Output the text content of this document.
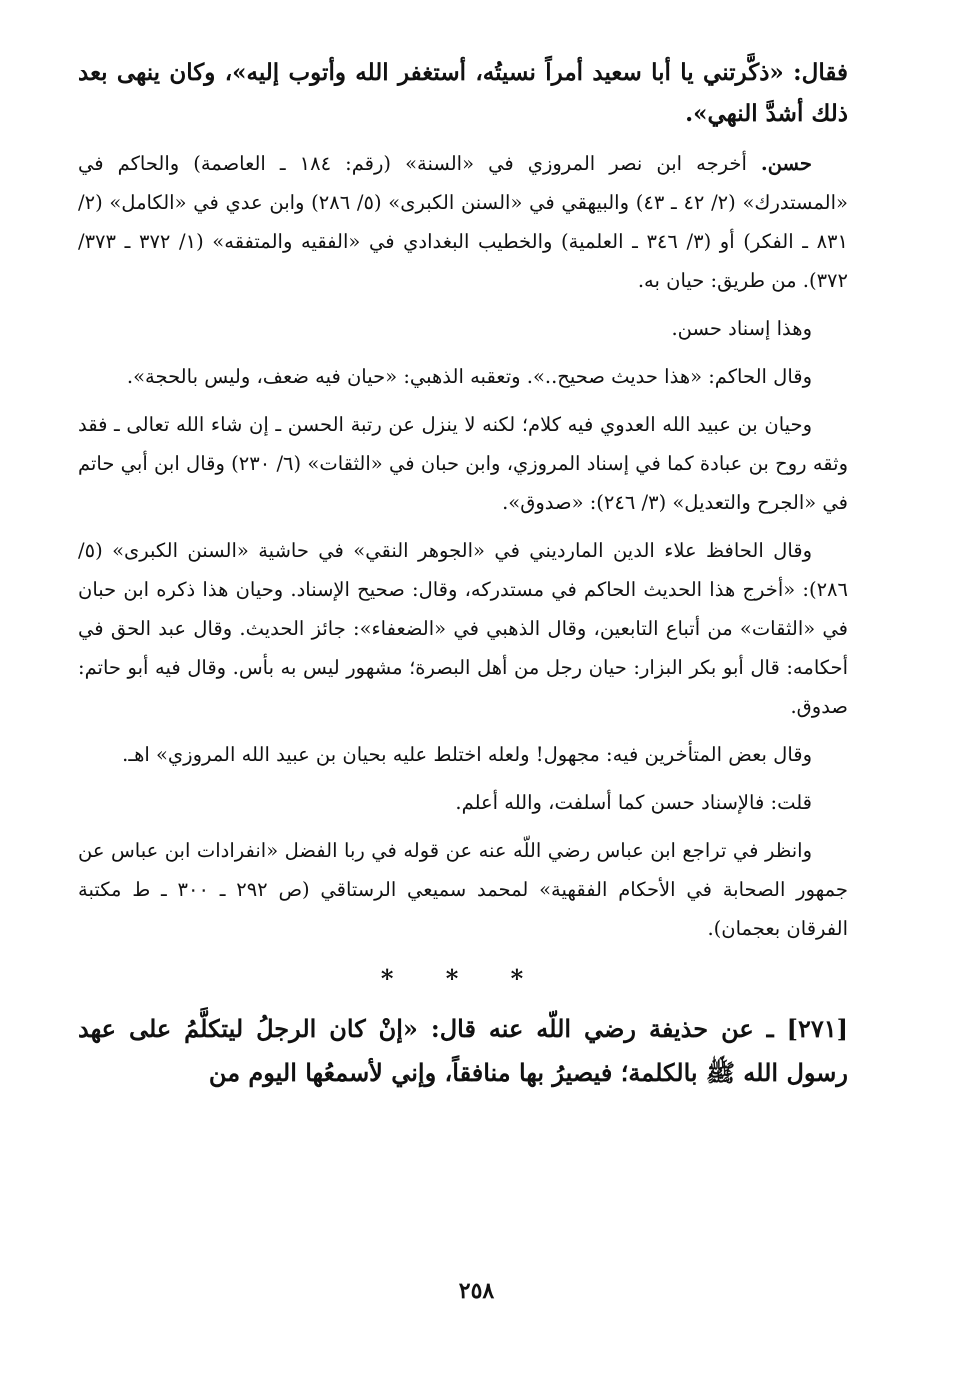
فقال: «ذكَّرتني يا أبا سعيد أمراً نسيتُه، أستغفر الله وأتوب إليه»، وكان ينهى بعد ذلك أشدَّ النهي».

حسن. أخرجه ابن نصر المروزي في «السنة» (رقم: ١٨٤ ـ العاصمة) والحاكم في «المستدرك» (٢/ ٤٢ ـ ٤٣) والبيهقي في «السنن الكبرى» (٥/ ٢٨٦) وابن عدي في «الكامل» (٢/ ٨٣١ ـ الفكر) أو (٣/ ٣٤٦ ـ العلمية) والخطيب البغدادي في «الفقيه والمتفقه» (١/ ٣٧٢ ـ ٣٧٣/ ٣٧٢). من طريق: حيان به.

وهذا إسناد حسن.

وقال الحاكم: «هذا حديث صحيح..». وتعقبه الذهبي: «حيان فيه ضعف، وليس بالحجة».

وحيان بن عبيد الله العدوي فيه كلام؛ لكنه لا ينزل عن رتبة الحسن ـ إن شاء الله تعالى ـ فقد وثقه روح بن عبادة كما في إسناد المروزي، وابن حبان في «الثقات» (٦/ ٢٣٠) وقال ابن أبي حاتم في «الجرح والتعديل» (٣/ ٢٤٦): «صدوق».

وقال الحافظ علاء الدين المارديني في «الجوهر النقي» في حاشية «السنن الكبرى» (٥/ ٢٨٦): «أخرج هذا الحديث الحاكم في مستدركه، وقال: صحيح الإسناد. وحيان هذا ذكره ابن حبان في «الثقات» من أتباع التابعين، وقال الذهبي في «الضعفاء»: جائز الحديث. وقال عبد الحق في أحكامه: قال أبو بكر البزار: حيان رجل من أهل البصرة؛ مشهور ليس به بأس. وقال فيه أبو حاتم: صدوق.

وقال بعض المتأخرين فيه: مجهول! ولعله اختلط عليه بحيان بن عبيد الله المروزي» اهـ.

قلت: فالإسناد حسن كما أسلفت، والله أعلم.

وانظر في تراجع ابن عباس رضي اللّه عنه عن قوله في ربا الفضل «انفرادات ابن عباس عن جمهور الصحابة في الأحكام الفقهية» لمحمد سميعي الرستاقي (ص ٢٩٢ ـ ٣٠٠ ـ ط مكتبة الفرقان بعجمان).

* * *

[٢٧١] ـ عن حذيفة رضي اللّه عنه قال: «إنْ كان الرجلُ ليتكلَّمُ على عهد رسول الله ﷺ بالكلمة؛ فيصيرُ بها منافقاً، وإني لأسمعُها اليوم من

٢٥٨
